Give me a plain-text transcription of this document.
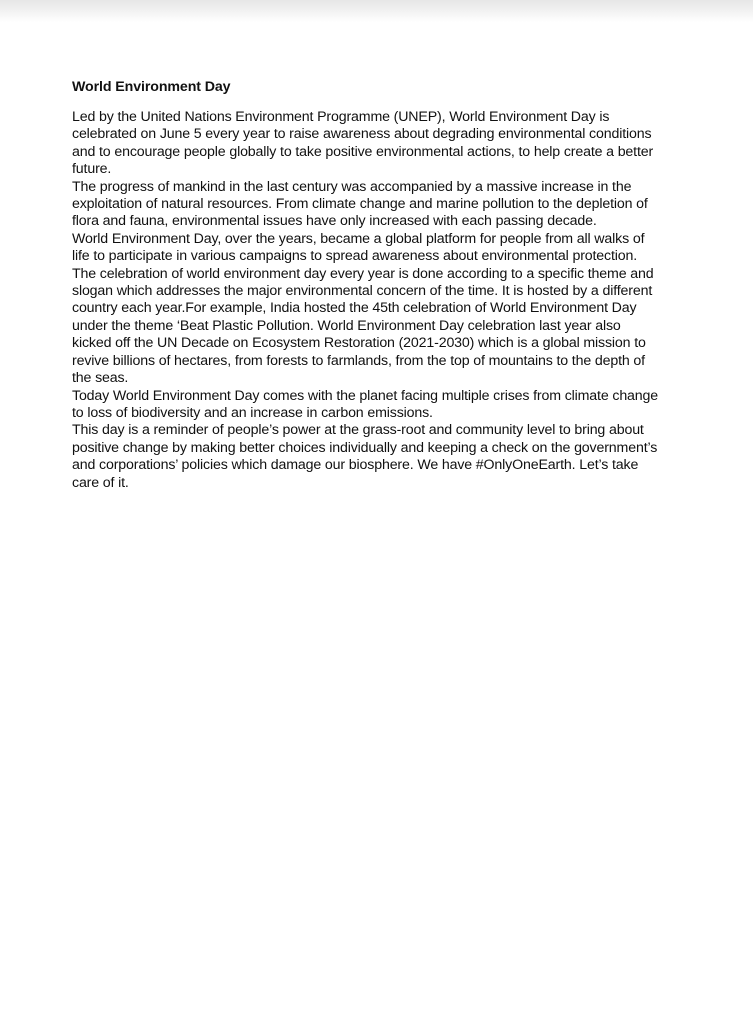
World Environment Day

Led by the United Nations Environment Programme (UNEP), World Environment Day is
celebrated on June 5 every year to raise awareness about degrading environmental conditions
and to encourage people globally to take positive environmental actions, to help create a better
future.

The progress of mankind in the last century was accompanied by a massive increase in the
exploitation of natural resources. From climate change and marine pollution to the depletion of
flora and fauna, environmental issues have only increased with each passing decade.

World Environment Day, over the years, became a global platform for people from all walks of
life to participate in various campaigns to spread awareness about environmental protection.

The celebration of world environment day every year is done according to a specific theme and
slogan which addresses the major environmental concern of the time. It is hosted by a different
country each year.For example, India hosted the 45th celebration of World Environment Day
under the theme ‘Beat Plastic Pollution. World Environment Day celebration last year also
kicked off the UN Decade on Ecosystem Restoration (2021-2030) which is a global mission to
revive billions of hectares, from forests to farmlands, from the top of mountains to the depth of
the seas.

Today World Environment Day comes with the planet facing multiple crises from climate change
to loss of biodiversity and an increase in carbon emissions.

This day is a reminder of people’s power at the grass-root and community level to bring about
positive change by making better choices individually and keeping a check on the government’s
and corporations’ policies which damage our biosphere. We have #OnlyOneEarth. Let’s take
care of it.
